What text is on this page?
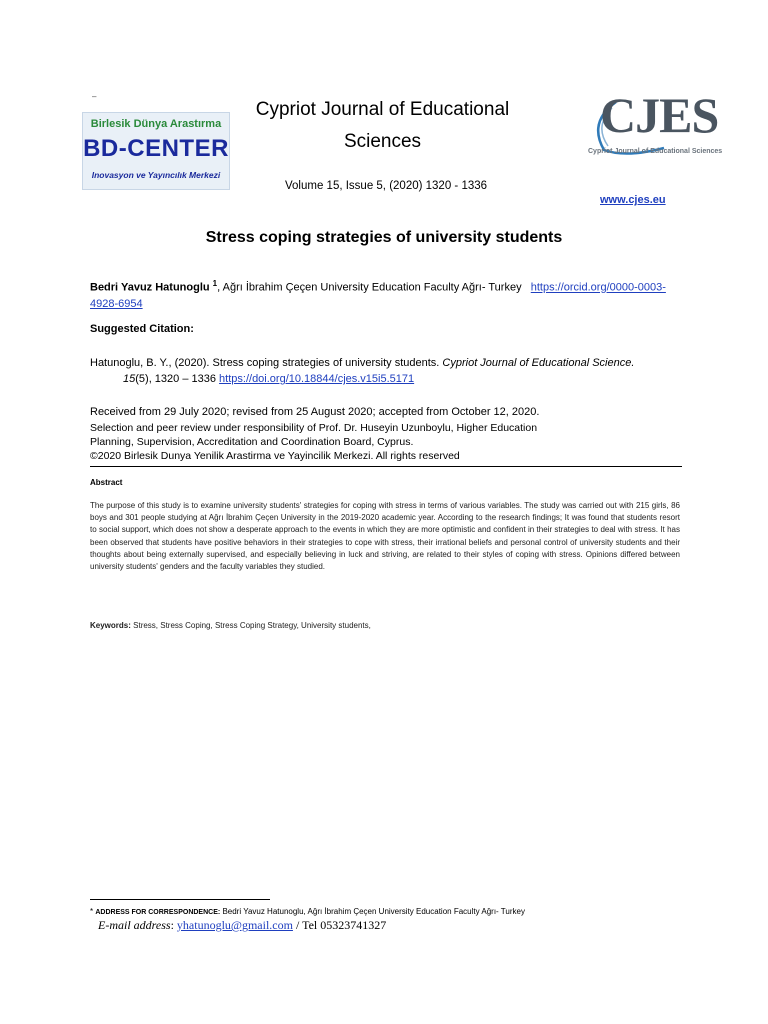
–
Birlesik Dünya Arastırma
BD-CENTER
Inovasyon ve Yayıncılık Merkezi
CJES
Cypriot Journal of Educational Sciences
Cypriot Journal of Educational
Sciences
Volume 15, Issue 5, (2020) 1320 - 1336
www.cjes.eu
Stress coping strategies of university students
Bedri Yavuz Hatunoglu $^1$, Ağrı İbrahim Çeçen University Education Faculty Ağrı- Turkey https://orcid.org/0000-0003-4928-6954
Suggested Citation:
Hatunoglu, B. Y., (2020). Stress coping strategies of university students. Cypriot Journal of Educational Science.
15(5), 1320 – 1336 https://doi.org/10.18844/cjes.v15i5.5171
Received from 29 July 2020; revised from 25 August 2020; accepted from October 12, 2020.
Selection and peer review under responsibility of Prof. Dr. Huseyin Uzunboylu, Higher Education
Planning, Supervision, Accreditation and Coordination Board, Cyprus.
©2020 Birlesik Dunya Yenilik Arastirma ve Yayincilik Merkezi. All rights reserved
Abstract
The purpose of this study is to examine university students' strategies for coping with stress in terms of various variables. The study was carried out with 215 girls, 86 boys and 301 people studying at Ağrı İbrahim Çeçen University in the 2019-2020 academic year. According to the research findings; It was found that students resort to social support, which does not show a desperate approach to the events in which they are more optimistic and confident in their strategies to deal with stress. It has been observed that students have positive behaviors in their strategies to cope with stress, their irrational beliefs and personal control of university students and their thoughts about being externally supervised, and especially believing in luck and striving, are related to their styles of coping with stress. Opinions differed between university students' genders and the faculty variables they studied.
Keywords: Stress, Stress Coping, Stress Coping Strategy, University students,
* ADDRESS FOR CORRESPONDENCE: Bedri Yavuz Hatunoglu, Ağrı İbrahim Çeçen University Education Faculty Ağrı- Turkey
E-mail address: yhatunoglu@gmail.com / Tel 05323741327
